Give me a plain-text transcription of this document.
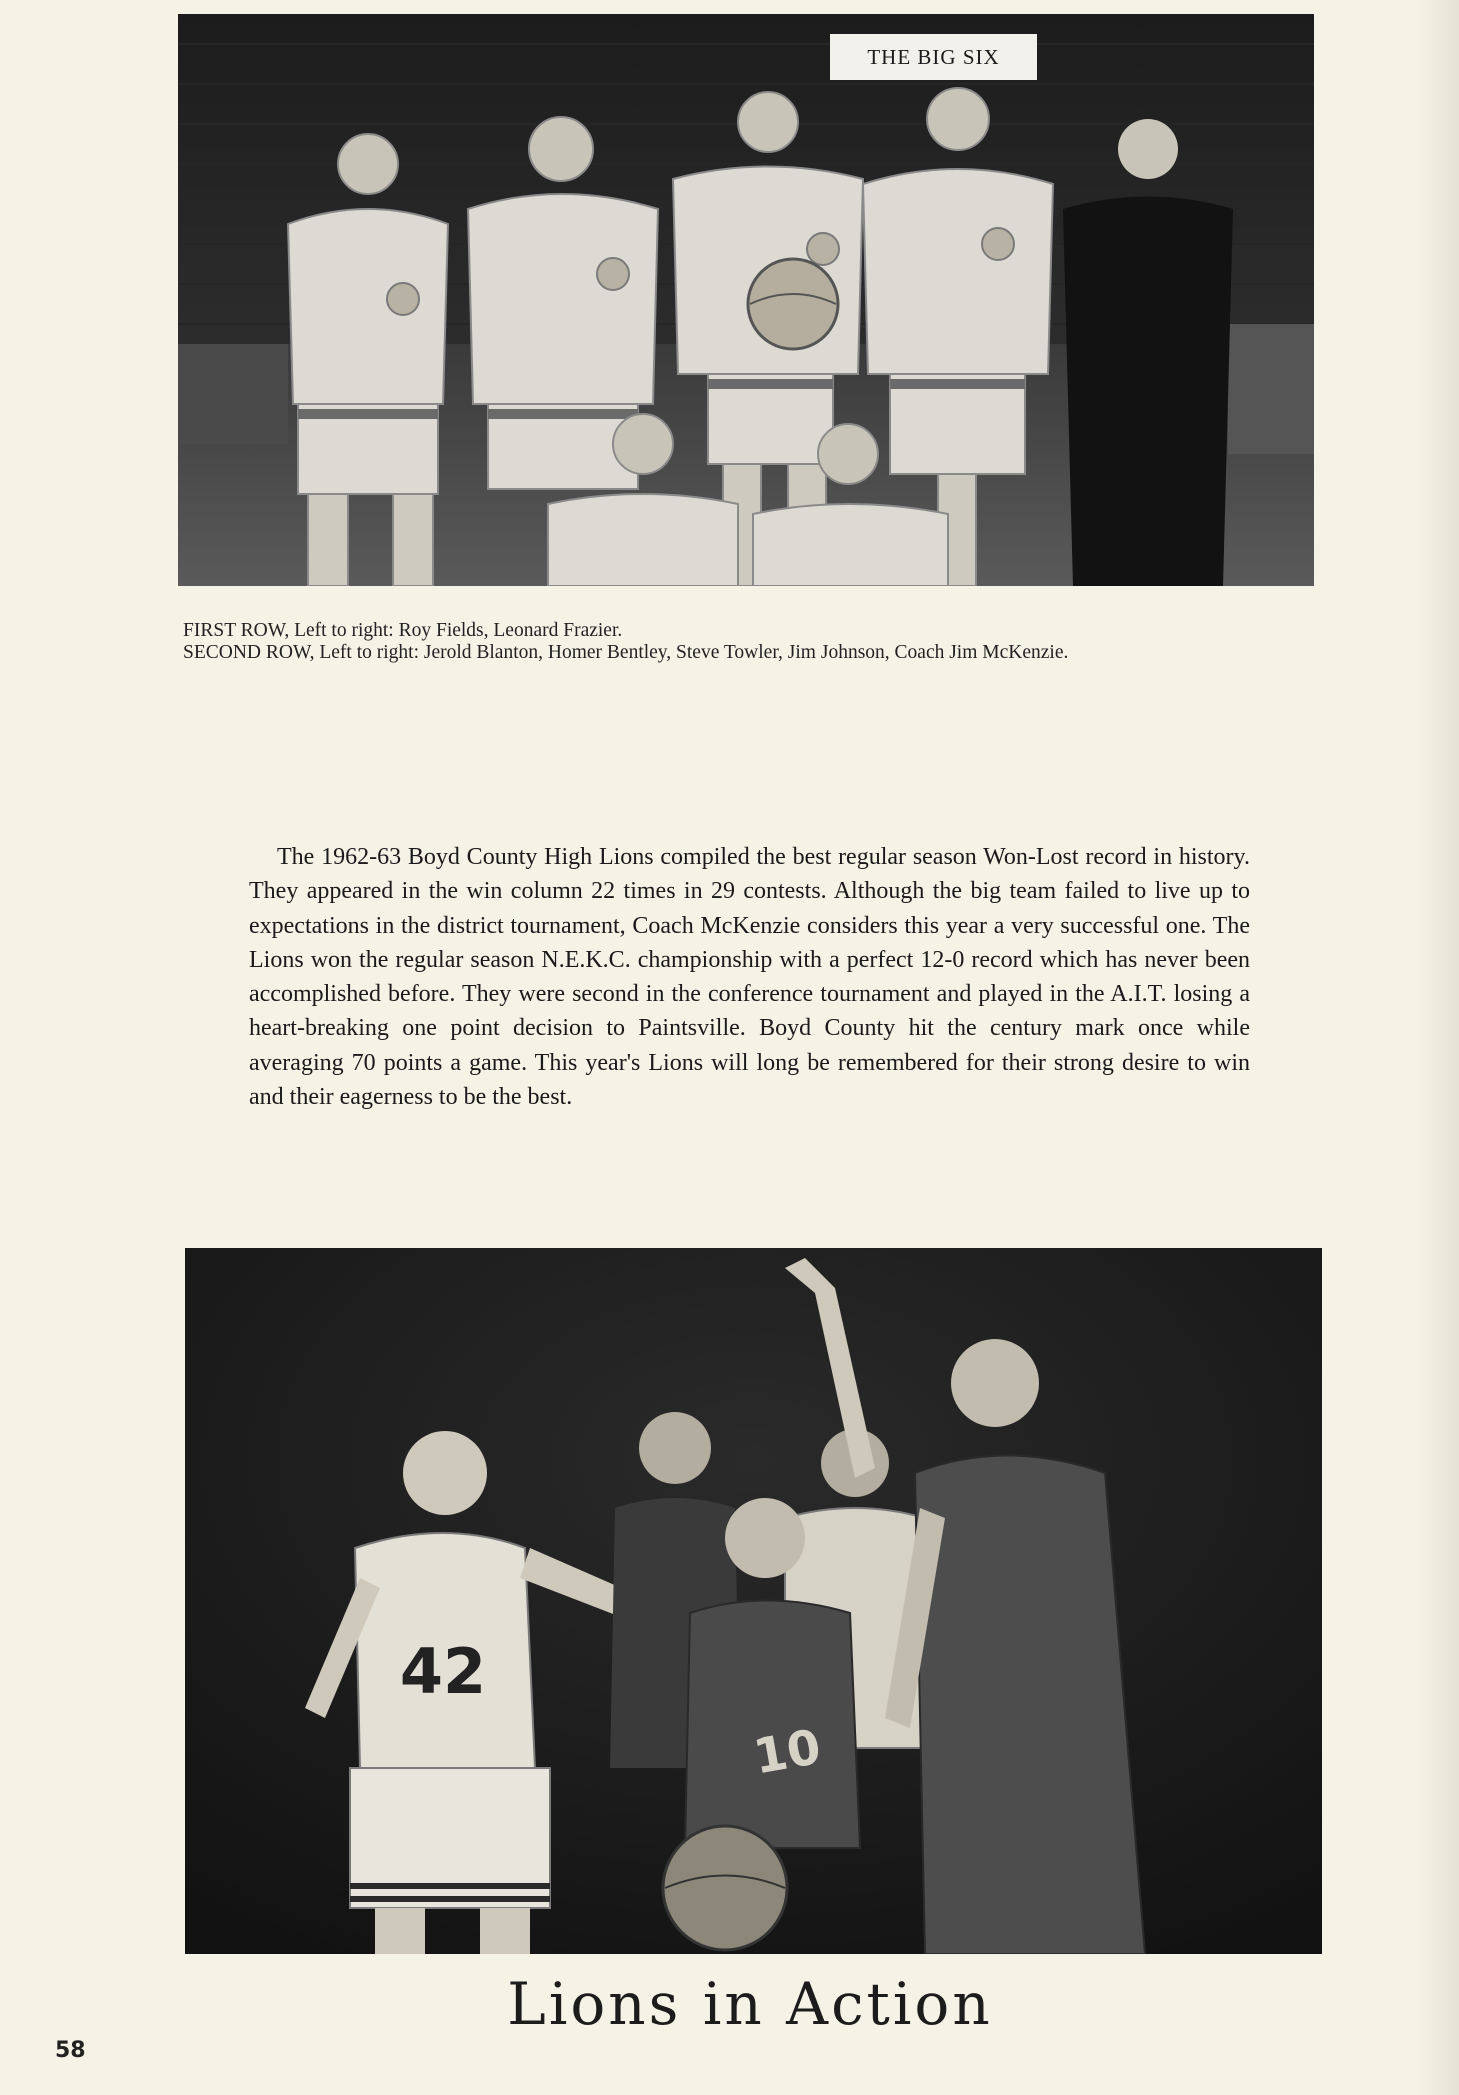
THE BIG SIX
FIRST ROW, Left to right: Roy Fields, Leonard Frazier.
SECOND ROW, Left to right: Jerold Blanton, Homer Bentley, Steve Towler, Jim Johnson, Coach Jim McKenzie.
The 1962-63 Boyd County High Lions compiled the best regular season Won-Lost record in history. They appeared in the win column 22 times in 29 contests. Although the big team failed to live up to expectations in the district tournament, Coach McKenzie considers this year a very successful one. The Lions won the regular season N.E.K.C. championship with a perfect 12-0 record which has never been accomplished before. They were second in the conference tournament and played in the A.I.T. losing a heart-breaking one point decision to Paintsville. Boyd County hit the century mark once while averaging 70 points a game. This year's Lions will long be remembered for their strong desire to win and their eagerness to be the best.
42
10
Lions in Action
58
